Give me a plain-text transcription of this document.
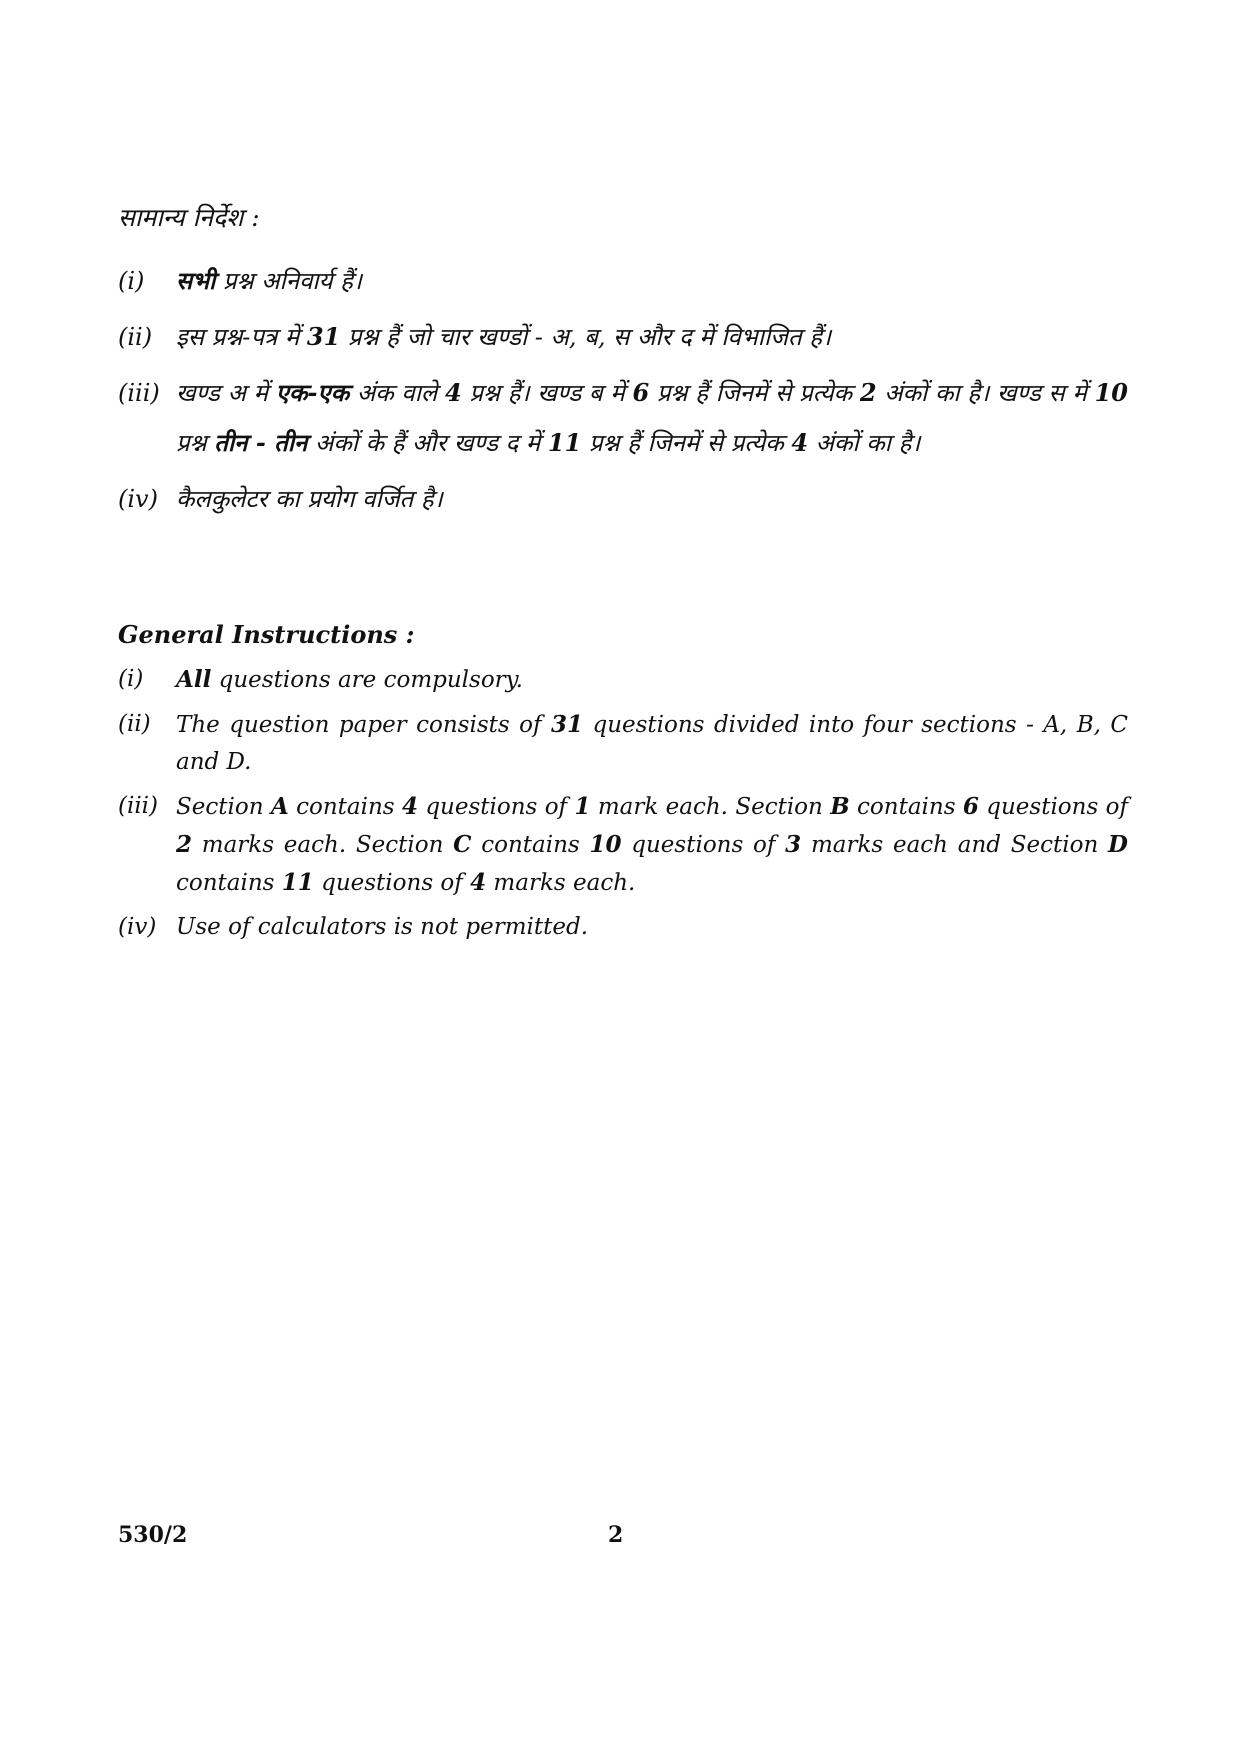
सामान्य निर्देश :
(i)	सभी प्रश्न अनिवार्य हैं।
(ii) इस प्रश्न-पत्र में 31 प्रश्न हैं जो चार खण्डों - अ, ब, स और द में विभाजित हैं।
(iii) खण्ड अ में एक-एक अंक वाले 4 प्रश्न हैं। खण्ड ब में 6 प्रश्न हैं जिनमें से प्रत्येक 2 अंकों का है। खण्ड स में 10 प्रश्न तीन - तीन अंकों के हैं और खण्ड द में 11 प्रश्न हैं जिनमें से प्रत्येक 4 अंकों का है।
(iv) कैलकुलेटर का प्रयोग वर्जित है।
General Instructions :
(i)	All questions are compulsory.
(ii)	The question paper consists of 31 questions divided into four sections - A, B, C and D.
(iii) Section A contains 4 questions of 1 mark each. Section B contains 6 questions of 2 marks each. Section C contains 10 questions of 3 marks each and Section D contains 11 questions of 4 marks each.
(iv) Use of calculators is not permitted.
530/2	2
